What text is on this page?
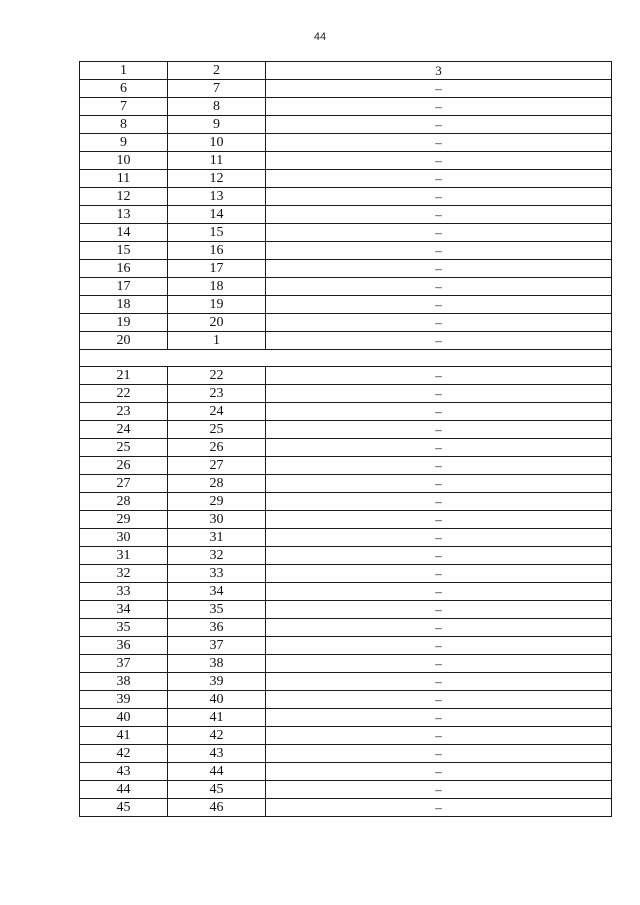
44
1	2	3
6	7	–
7	8	–
8	9	–
9	10	–
10	11	–
11	12	–
12	13	–
13	14	–
14	15	–
15	16	–
16	17	–
17	18	–
18	19	–
19	20	–
20	1	–

21	22	–
22	23	–
23	24	–
24	25	–
25	26	–
26	27	–
27	28	–
28	29	–
29	30	–
30	31	–
31	32	–
32	33	–
33	34	–
34	35	–
35	36	–
36	37	–
37	38	–
38	39	–
39	40	–
40	41	–
41	42	–
42	43	–
43	44	–
44	45	–
45	46	–
